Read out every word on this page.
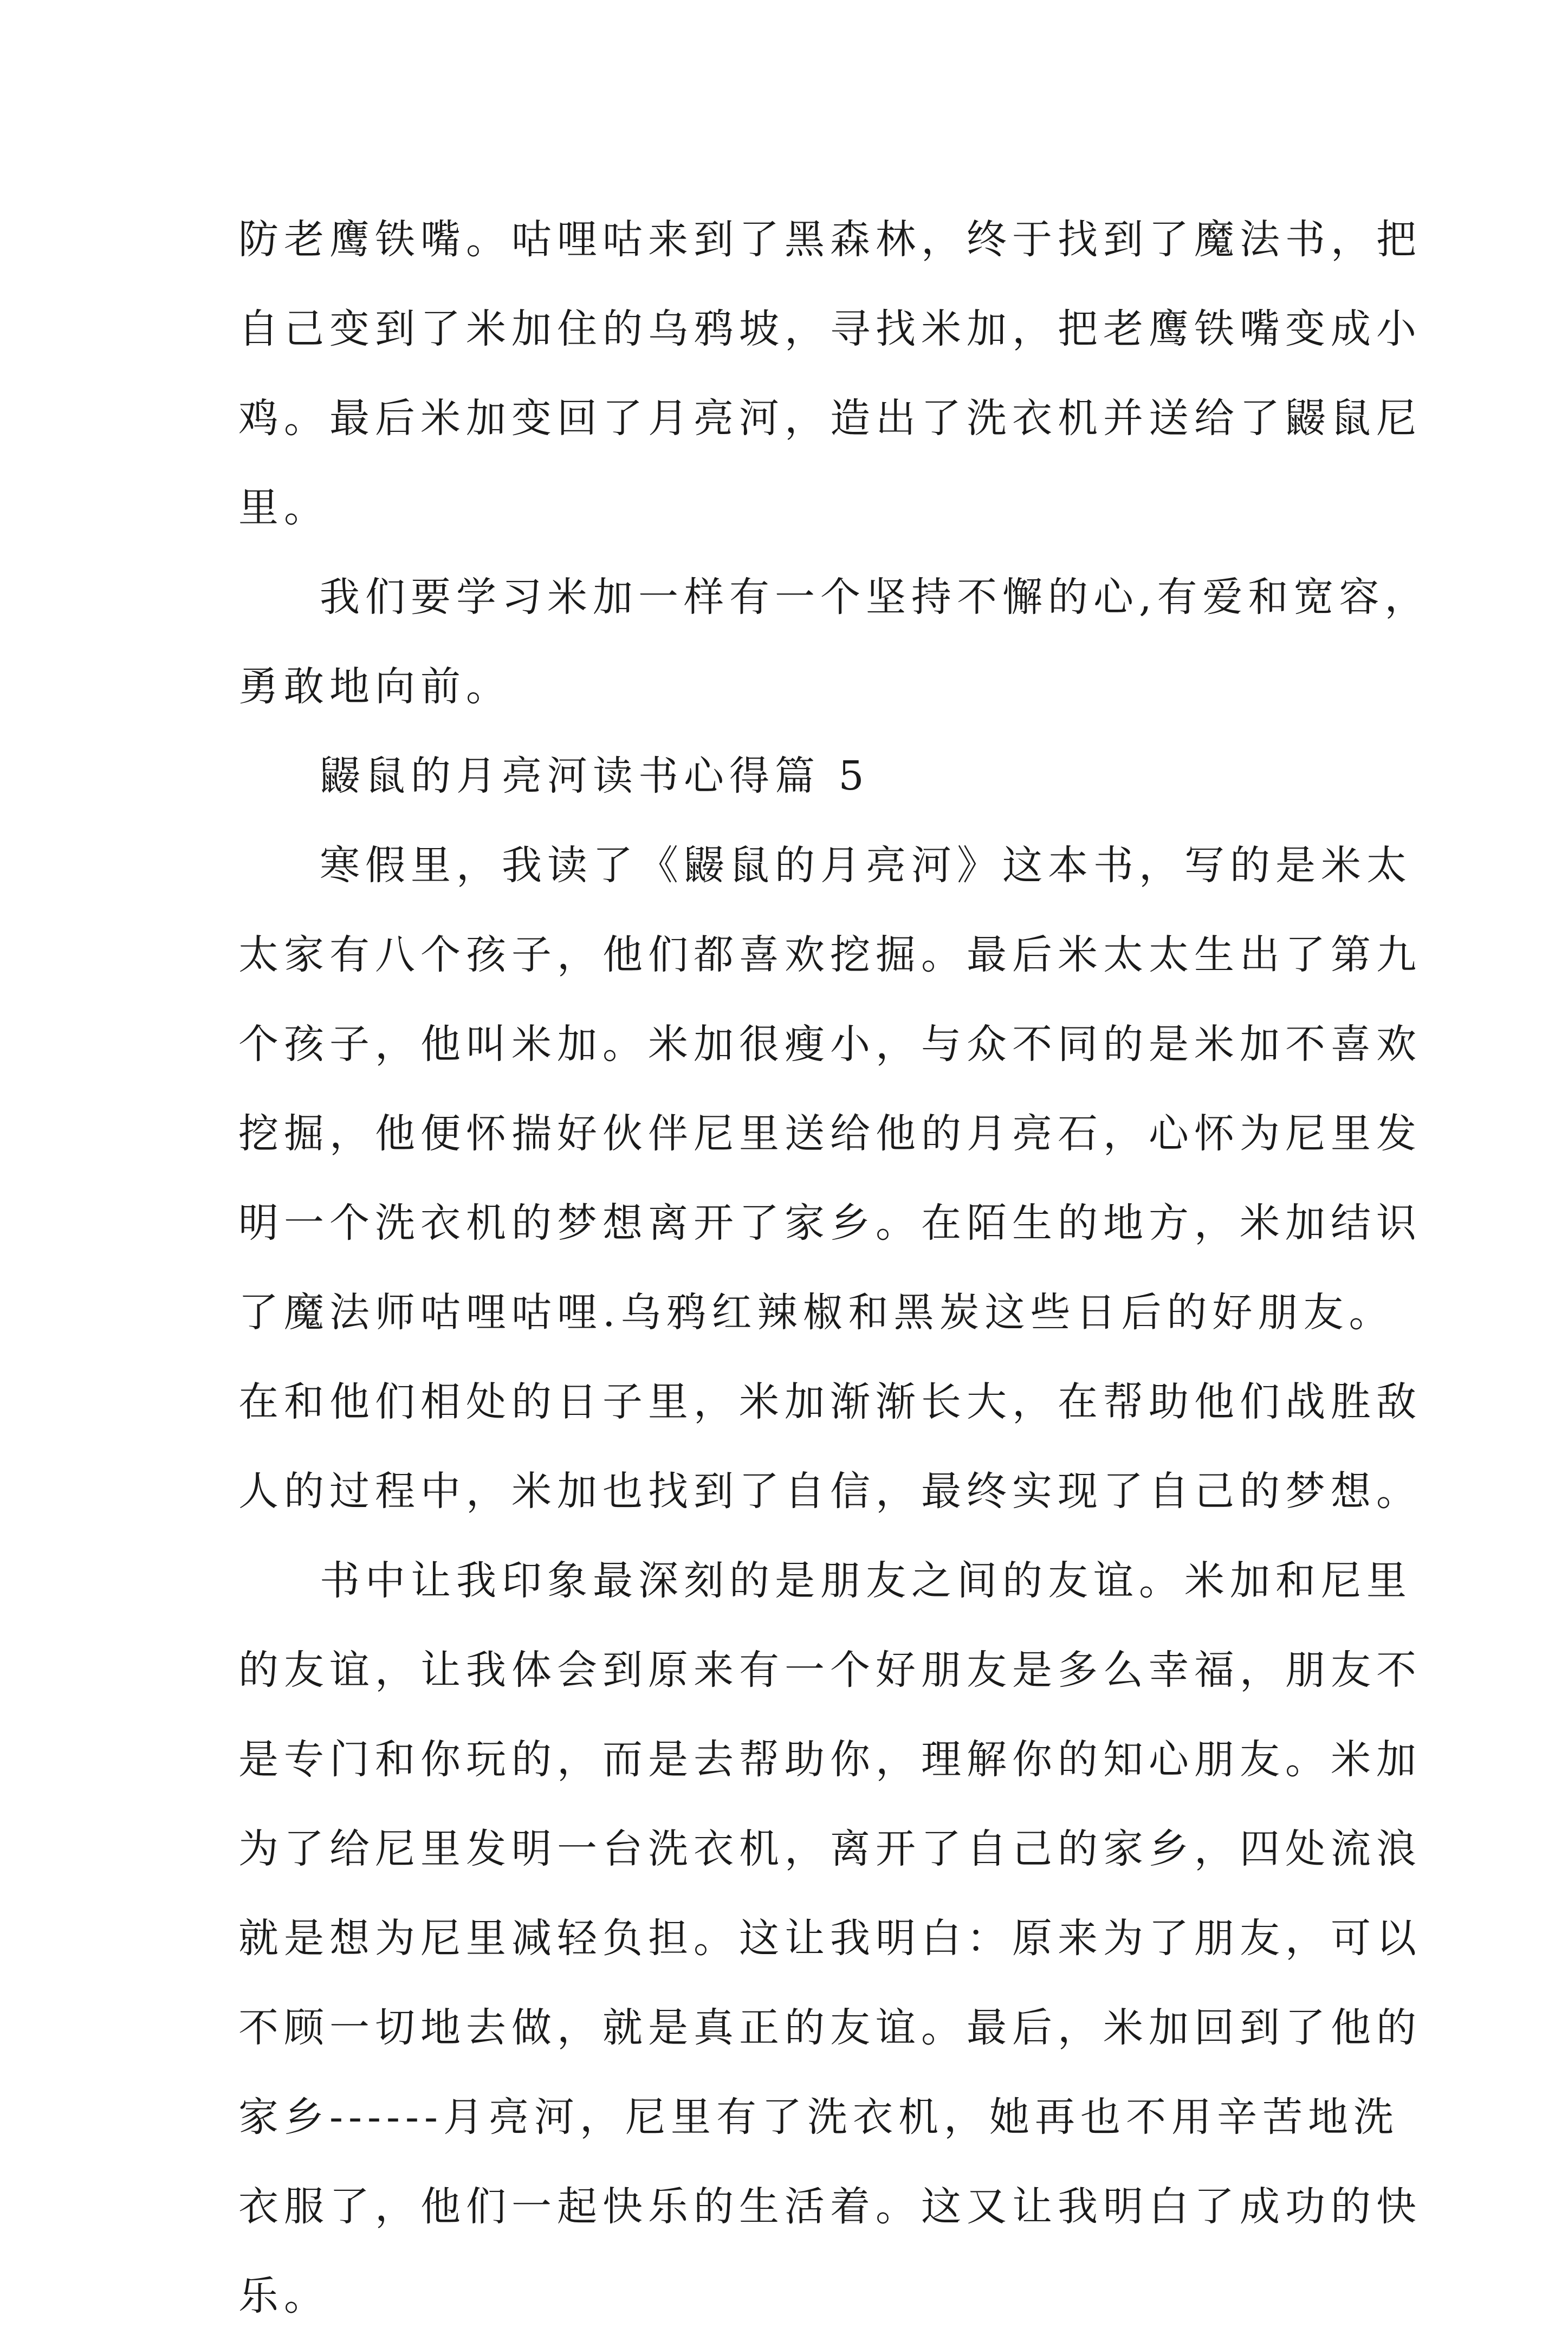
防老鹰铁嘴。咕哩咕来到了黑森林，终于找到了魔法书，把
自己变到了米加住的乌鸦坡，寻找米加，把老鹰铁嘴变成小
鸡。最后米加变回了月亮河，造出了洗衣机并送给了鼹鼠尼
里。
我们要学习米加一样有一个坚持不懈的心,有爱和宽容，
勇敢地向前。
鼹鼠的月亮河读书心得篇 5
寒假里，我读了《鼹鼠的月亮河》这本书，写的是米太
太家有八个孩子，他们都喜欢挖掘。最后米太太生出了第九
个孩子，他叫米加。米加很瘦小，与众不同的是米加不喜欢
挖掘，他便怀揣好伙伴尼里送给他的月亮石，心怀为尼里发
明一个洗衣机的梦想离开了家乡。在陌生的地方，米加结识
了魔法师咕哩咕哩.乌鸦红辣椒和黑炭这些日后的好朋友。
在和他们相处的日子里，米加渐渐长大，在帮助他们战胜敌
人的过程中，米加也找到了自信，最终实现了自己的梦想。
书中让我印象最深刻的是朋友之间的友谊。米加和尼里
的友谊，让我体会到原来有一个好朋友是多么幸福，朋友不
是专门和你玩的，而是去帮助你，理解你的知心朋友。米加
为了给尼里发明一台洗衣机，离开了自己的家乡，四处流浪
就是想为尼里减轻负担。这让我明白：原来为了朋友，可以
不顾一切地去做，就是真正的友谊。最后，米加回到了他的
家乡------月亮河，尼里有了洗衣机，她再也不用辛苦地洗
衣服了，他们一起快乐的生活着。这又让我明白了成功的快
乐。
